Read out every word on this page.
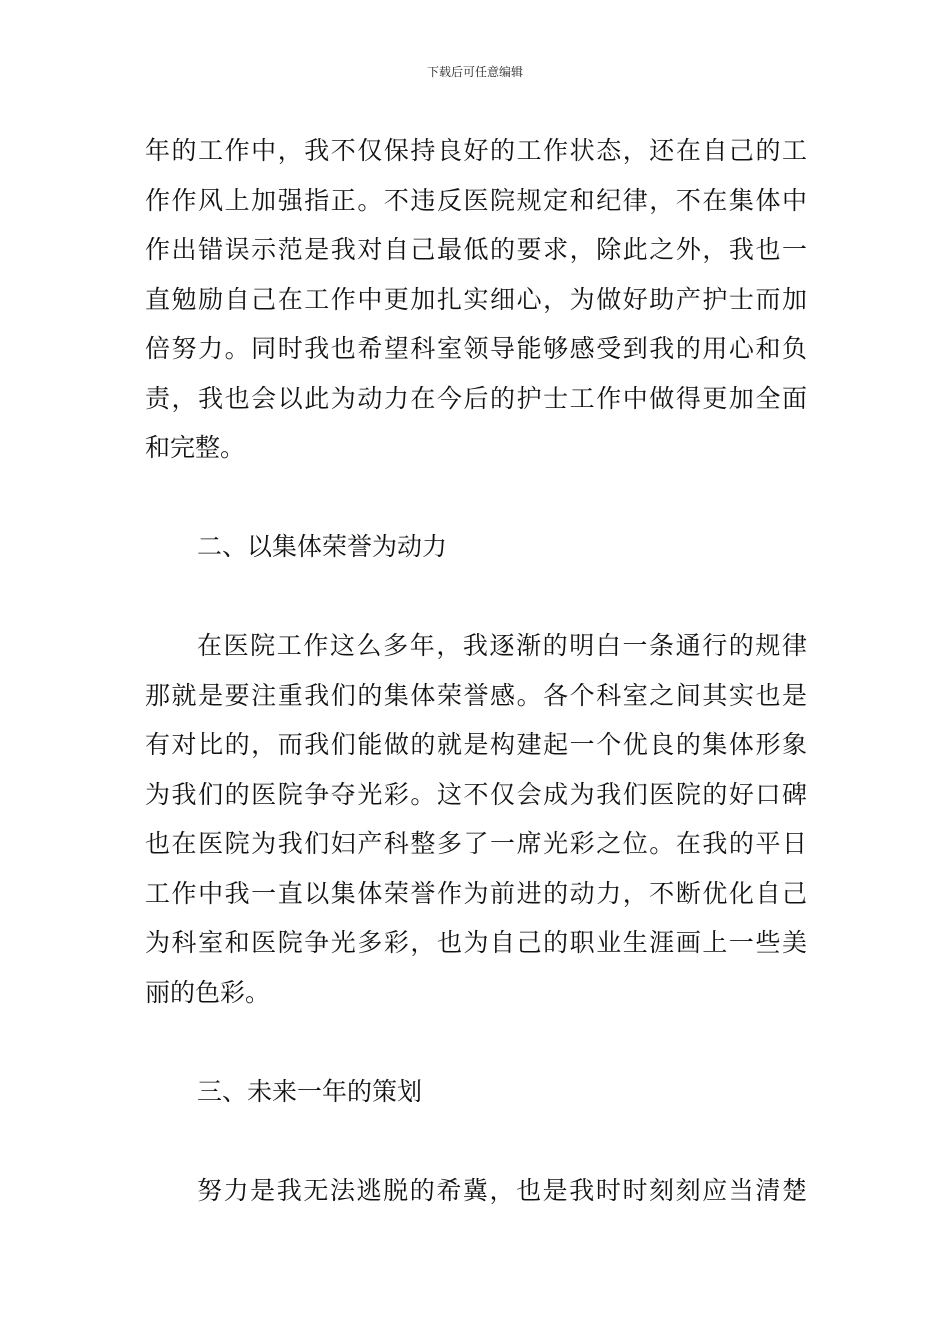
下载后可任意编辑
年的工作中，我不仅保持良好的工作状态，还在自己的工
作作风上加强指正。不违反医院规定和纪律，不在集体中
作出错误示范是我对自己最低的要求，除此之外，我也一
直勉励自己在工作中更加扎实细心，为做好助产护士而加
倍努力。同时我也希望科室领导能够感受到我的用心和负
责，我也会以此为动力在今后的护士工作中做得更加全面
和完整。
二、以集体荣誉为动力
在医院工作这么多年，我逐渐的明白一条通行的规律
那就是要注重我们的集体荣誉感。各个科室之间其实也是
有对比的，而我们能做的就是构建起一个优良的集体形象
为我们的医院争夺光彩。这不仅会成为我们医院的好口碑
也在医院为我们妇产科整多了一席光彩之位。在我的平日
工作中我一直以集体荣誉作为前进的动力，不断优化自己
为科室和医院争光多彩，也为自己的职业生涯画上一些美
丽的色彩。
三、未来一年的策划
努力是我无法逃脱的希冀，也是我时时刻刻应当清楚
